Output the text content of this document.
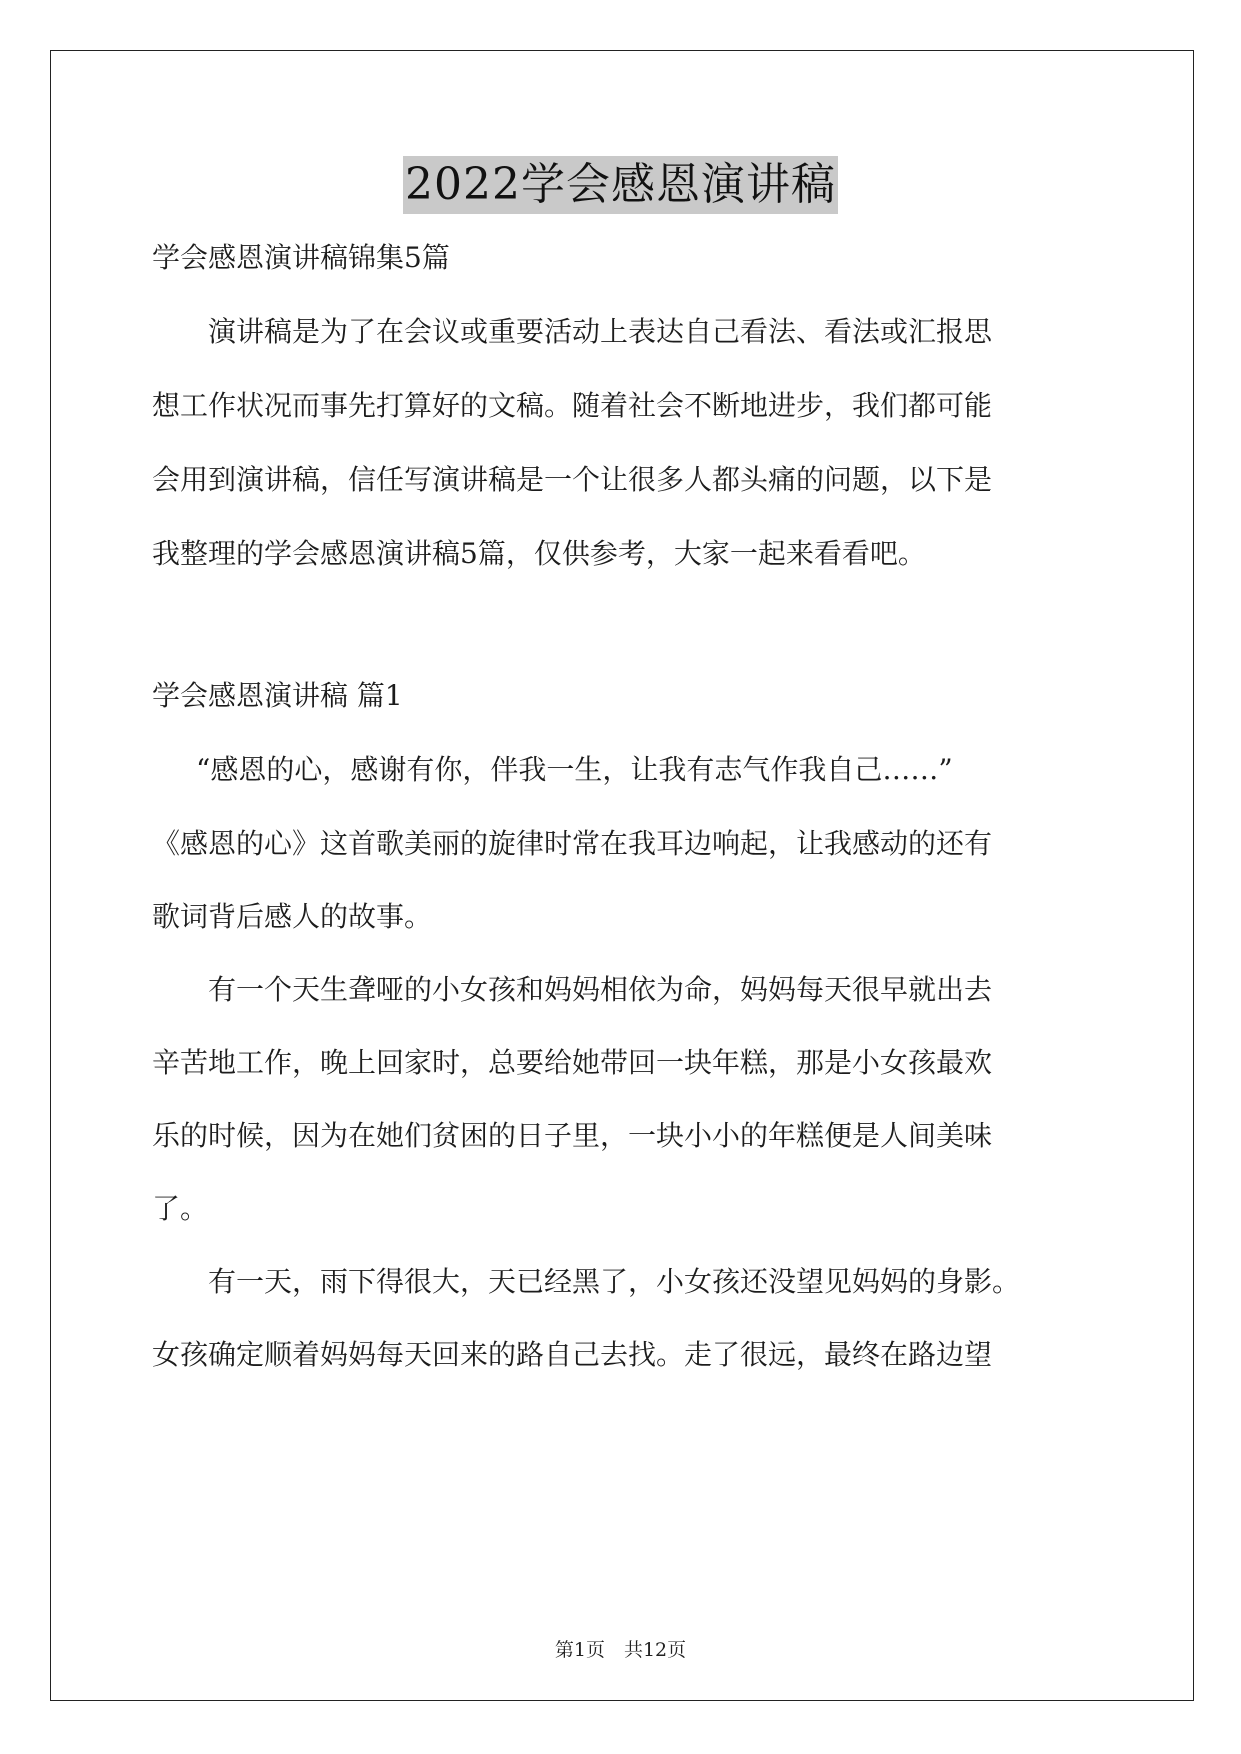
2022学会感恩演讲稿
学会感恩演讲稿锦集5篇
演讲稿是为了在会议或重要活动上表达自己看法、看法或汇报思
想工作状况而事先打算好的文稿。随着社会不断地进步，我们都可能
会用到演讲稿，信任写演讲稿是一个让很多人都头痛的问题，以下是
我整理的学会感恩演讲稿5篇，仅供参考，大家一起来看看吧。
学会感恩演讲稿 篇1
“感恩的心，感谢有你，伴我一生，让我有志气作我自己……”
《感恩的心》这首歌美丽的旋律时常在我耳边响起，让我感动的还有
歌词背后感人的故事。
有一个天生聋哑的小女孩和妈妈相依为命，妈妈每天很早就出去
辛苦地工作，晚上回家时，总要给她带回一块年糕，那是小女孩最欢
乐的时候，因为在她们贫困的日子里，一块小小的年糕便是人间美味
了。
有一天，雨下得很大，天已经黑了，小女孩还没望见妈妈的身影。
女孩确定顺着妈妈每天回来的路自己去找。走了很远，最终在路边望
第1页　共12页
